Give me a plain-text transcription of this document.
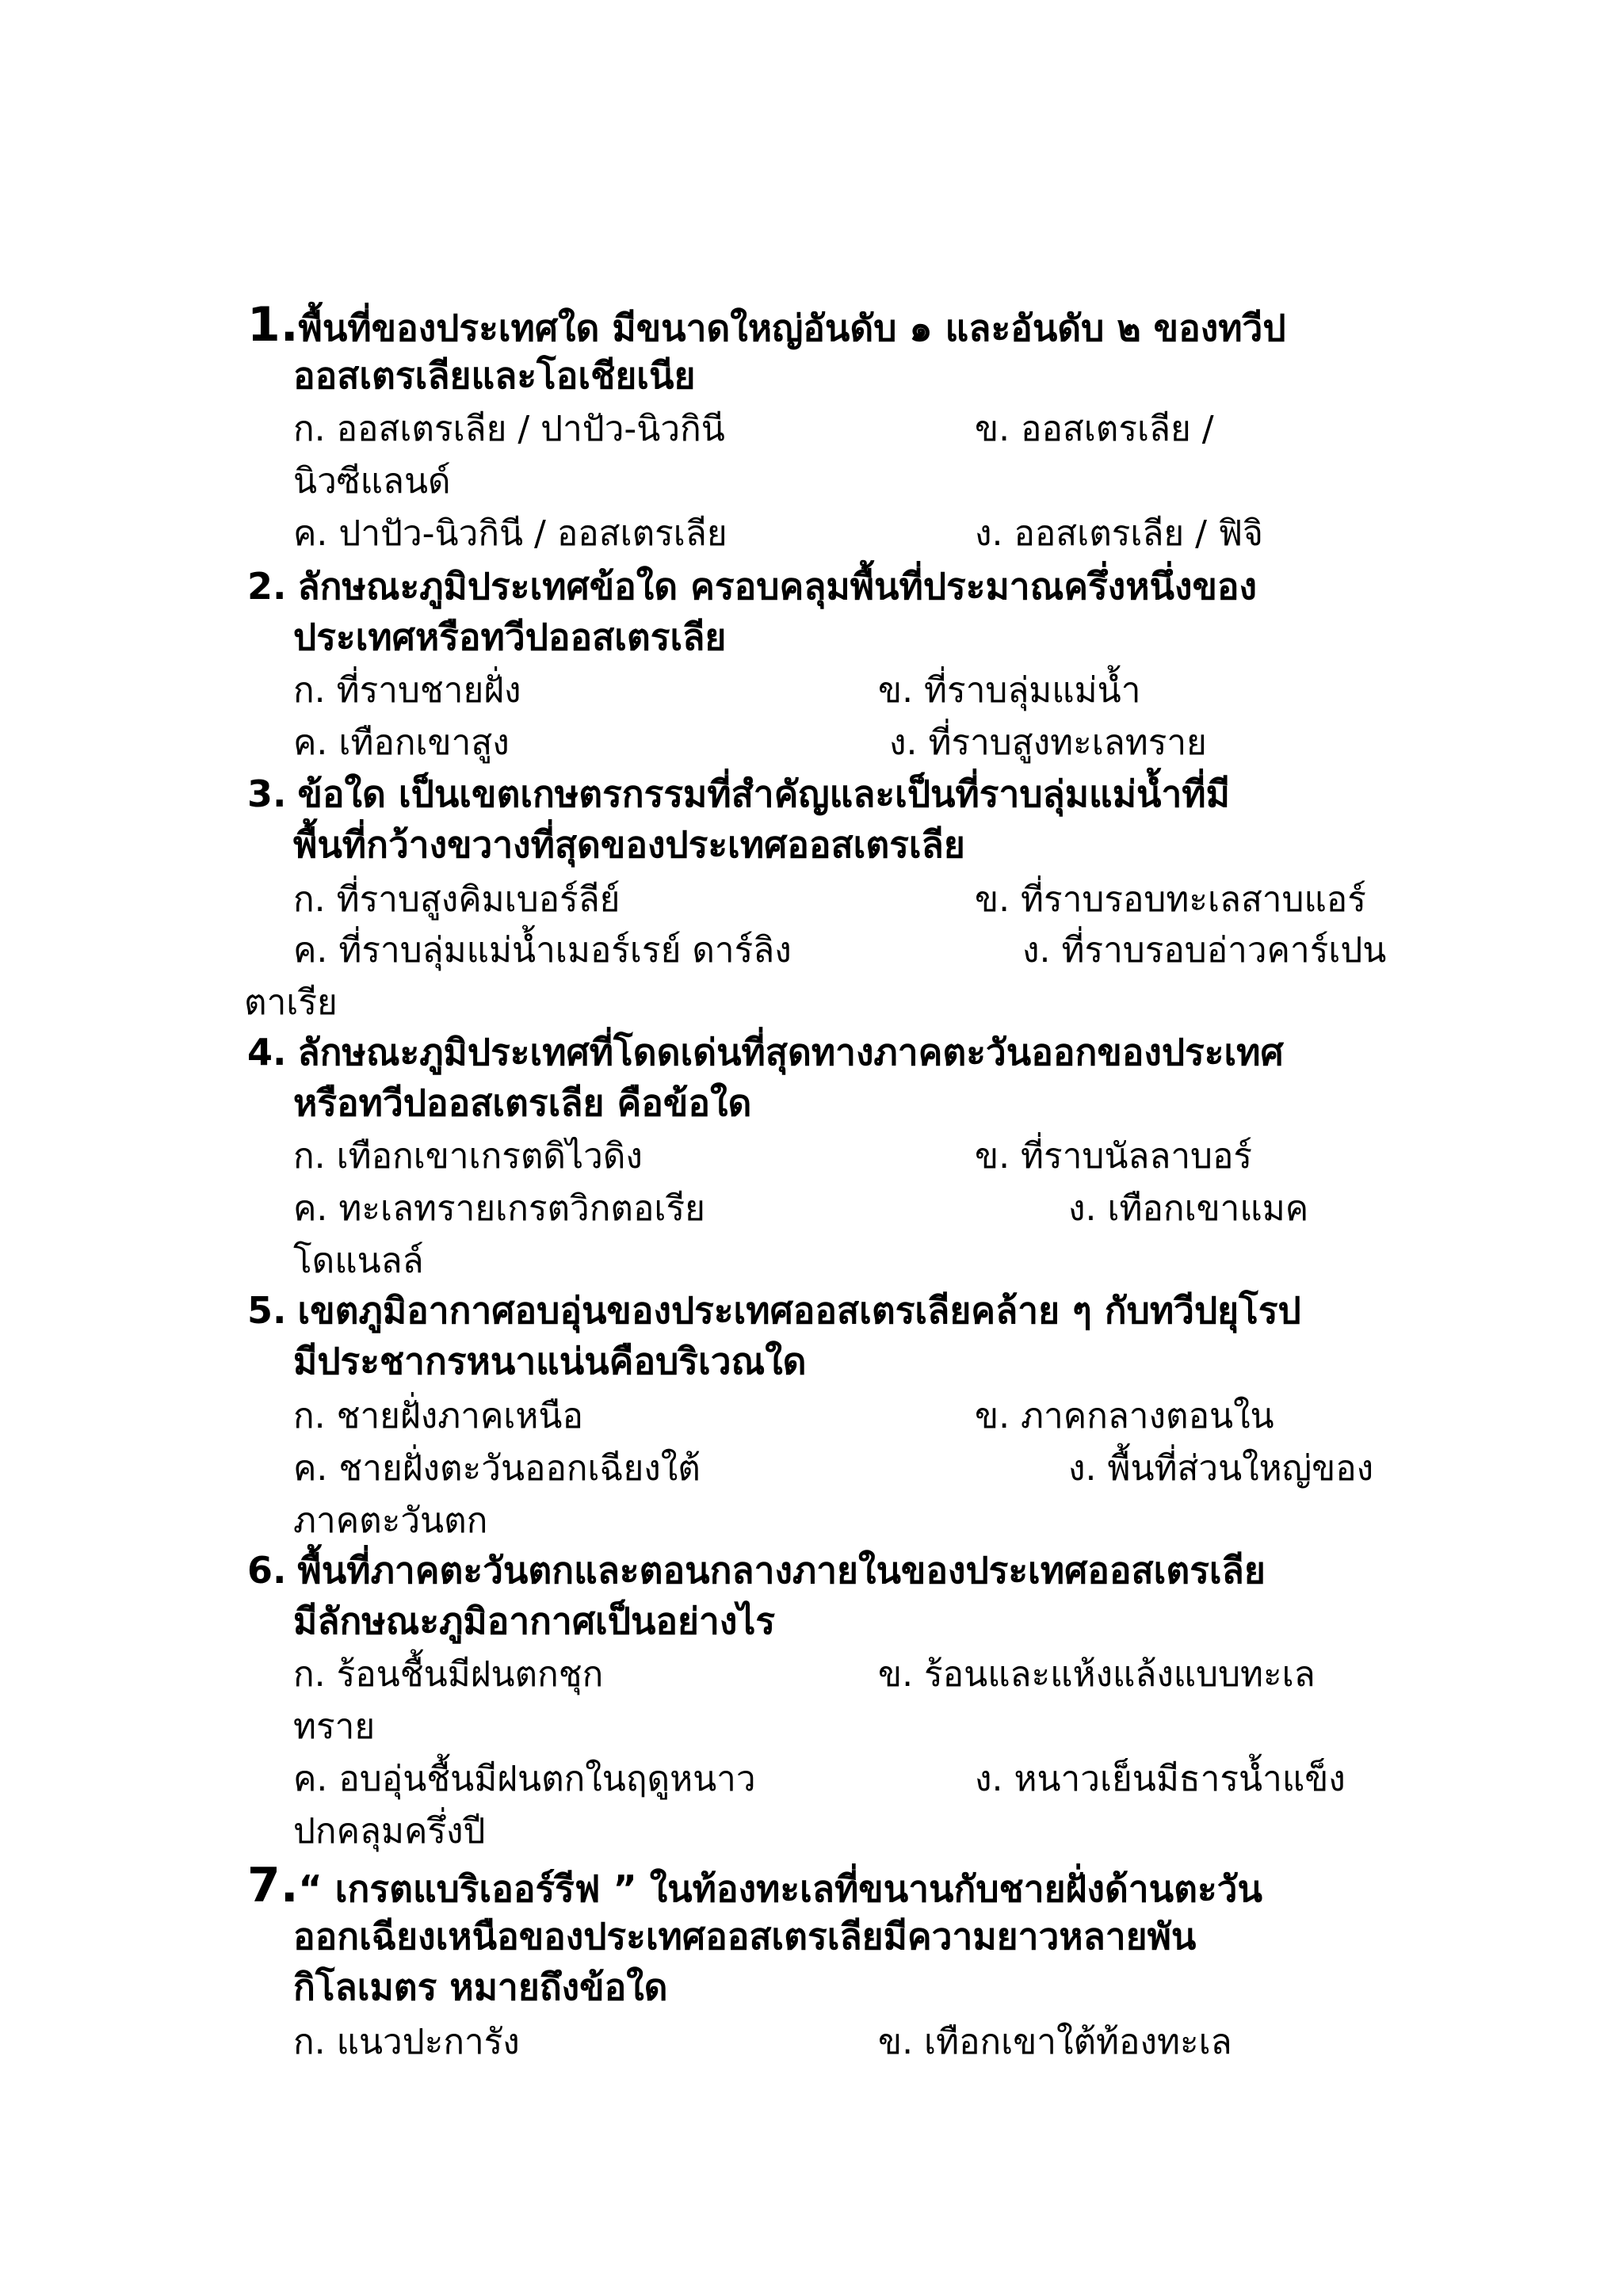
1.พื้นที่ของประเทศใด มีขนาดใหญ่อันดับ ๑ และอันดับ ๒ ของทวีป
ออสเตรเลียและโอเชียเนีย
ก. ออสเตรเลีย / ปาปัว-นิวกินี	ข. ออสเตรเลีย /
นิวซีแลนด์
ค. ปาปัว-นิวกินี / ออสเตรเลีย	ง. ออสเตรเลีย / ฟิจิ
2. ลักษณะภูมิประเทศข้อใด ครอบคลุมพื้นที่ประมาณครึ่งหนึ่งของ
ประเทศหรือทวีปออสเตรเลีย
ก. ที่ราบชายฝั่ง	ข. ที่ราบลุ่มแม่น้ำ
ค. เทือกเขาสูง	ง. ที่ราบสูงทะเลทราย
3. ข้อใด เป็นเขตเกษตรกรรมที่สำคัญและเป็นที่ราบลุ่มแม่น้ำที่มี
พื้นที่กว้างขวางที่สุดของประเทศออสเตรเลีย
ก. ที่ราบสูงคิมเบอร์ลีย์	ข. ที่ราบรอบทะเลสาบแอร์
ค. ที่ราบลุ่มแม่น้ำเมอร์เรย์ ดาร์ลิง	ง. ที่ราบรอบอ่าวคาร์เปน
ตาเรีย
4. ลักษณะภูมิประเทศที่โดดเด่นที่สุดทางภาคตะวันออกของประเทศ
หรือทวีปออสเตรเลีย คือข้อใด
ก. เทือกเขาเกรตดิไวดิง	ข. ที่ราบนัลลาบอร์
ค. ทะเลทรายเกรตวิกตอเรีย	ง. เทือกเขาแมค
โดแนลล์
5. เขตภูมิอากาศอบอุ่นของประเทศออสเตรเลียคล้าย ๆ กับทวีปยุโรป
มีประชากรหนาแน่นคือบริเวณใด
ก. ชายฝั่งภาคเหนือ	ข. ภาคกลางตอนใน
ค. ชายฝั่งตะวันออกเฉียงใต้	ง. พื้นที่ส่วนใหญ่ของ
ภาคตะวันตก
6. พื้นที่ภาคตะวันตกและตอนกลางภายในของประเทศออสเตรเลีย
มีลักษณะภูมิอากาศเป็นอย่างไร
ก. ร้อนชื้นมีฝนตกชุก	ข. ร้อนและแห้งแล้งแบบทะเล
ทราย
ค. อบอุ่นชื้นมีฝนตกในฤดูหนาว	ง. หนาวเย็นมีธารน้ำแข็ง
ปกคลุมครึ่งปี
7.“ เกรตแบริเออร์รีฟ ” ในท้องทะเลที่ขนานกับชายฝั่งด้านตะวัน
ออกเฉียงเหนือของประเทศออสเตรเลียมีความยาวหลายพัน
กิโลเมตร หมายถึงข้อใด
ก. แนวปะการัง	ข. เทือกเขาใต้ท้องทะเล
